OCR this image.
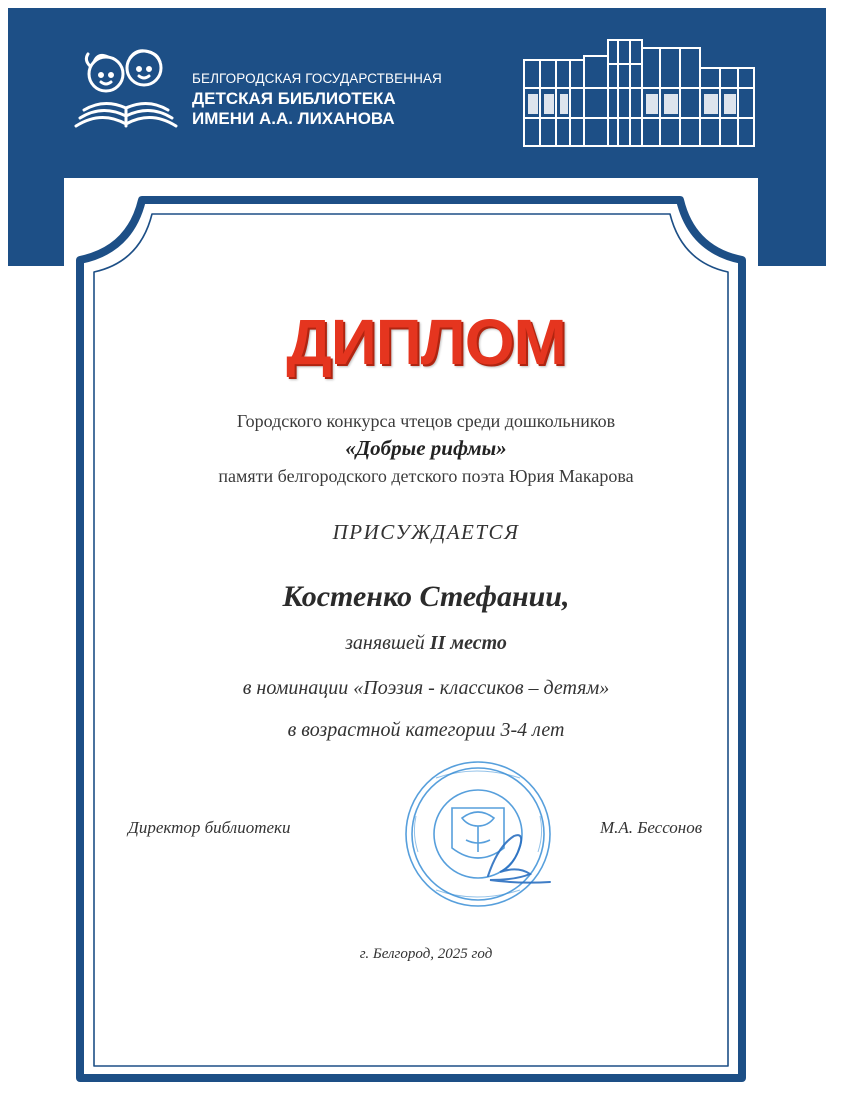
БЕЛГОРОДСКАЯ ГОСУДАРСТВЕННАЯ
ДЕТСКАЯ БИБЛИОТЕКА
ИМЕНИ А.А. ЛИХАНОВА
ДИПЛОМ
Городского конкурса чтецов среди дошкольников
«Добрые рифмы»
памяти белгородского детского поэта Юрия Макарова
ПРИСУЖДАЕТСЯ
Костенко Стефании,
занявшей II место
в номинации «Поэзия - классиков – детям»
в возрастной категории 3-4 лет
Директор библиотеки	М.А. Бессонов
г. Белгород, 2025 год
